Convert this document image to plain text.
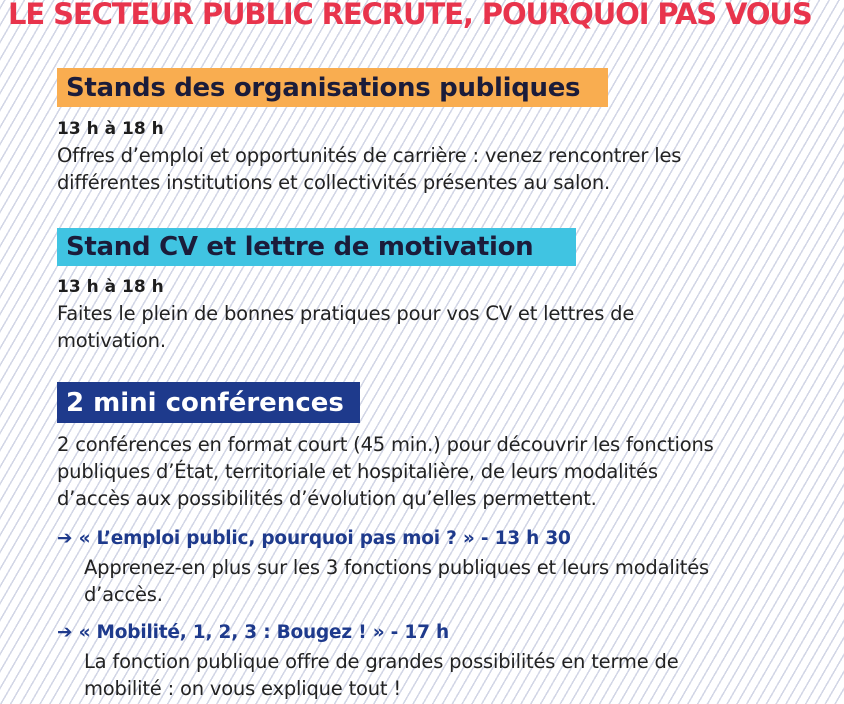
LE SECTEUR PUBLIC RECRUTE, POURQUOI PAS VOUS
Stands des organisations publiques
13 h à 18 h
Offres d’emploi et opportunités de carrière : venez rencontrer les
différentes institutions et collectivités présentes au salon.
Stand CV et lettre de motivation
13 h à 18 h
Faites le plein de bonnes pratiques pour vos CV et lettres de
motivation.
2 mini conférences
2 conférences en format court (45 min.) pour découvrir les fonctions
publiques d’État, territoriale et hospitalière, de leurs modalités
d’accès aux possibilités d’évolution qu’elles permettent.
➔ « L’emploi public, pourquoi pas moi ? » - 13 h 30
Apprenez-en plus sur les 3 fonctions publiques et leurs modalités
d’accès.
➔ « Mobilité, 1, 2, 3 : Bougez ! » - 17 h
La fonction publique offre de grandes possibilités en terme de
mobilité : on vous explique tout !
